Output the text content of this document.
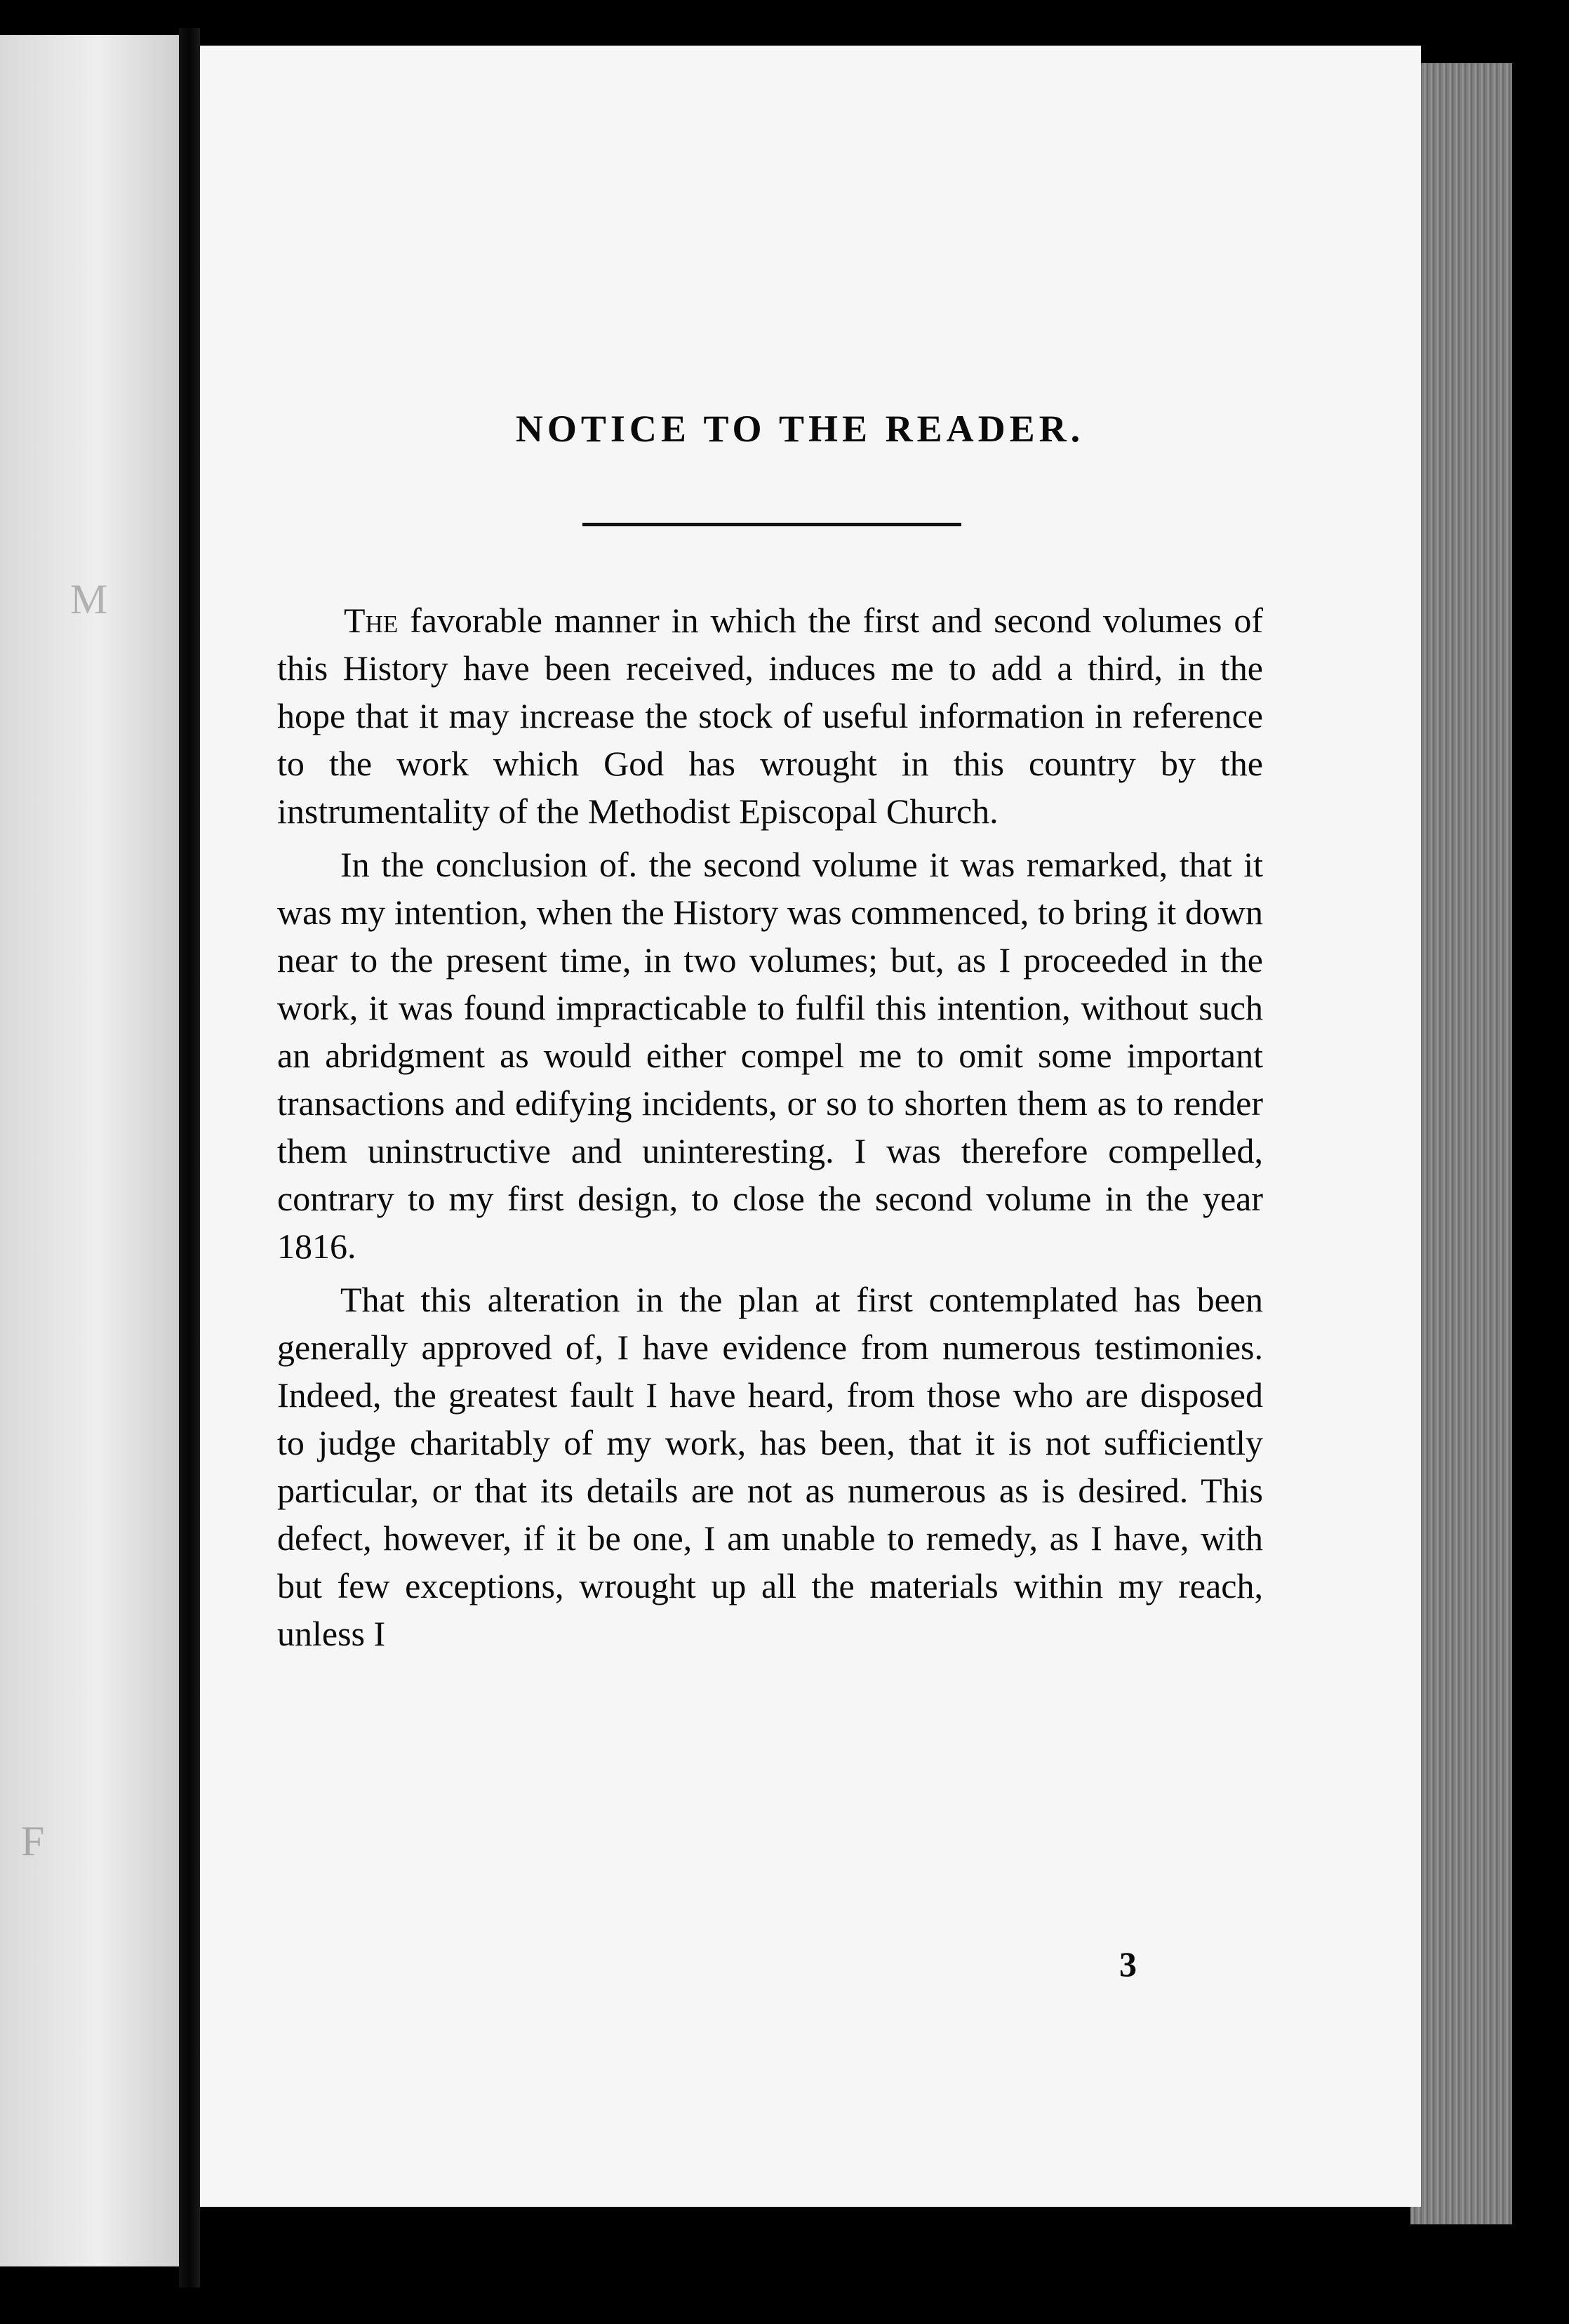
M
F
NOTICE TO THE READER.

The favorable manner in which the first and second volumes of this History have been received, induces me to add a third, in the hope that it may increase the stock of useful information in reference to the work which God has wrought in this country by the instrumentality of the Methodist Episcopal Church.

In the conclusion of. the second volume it was remarked, that it was my intention, when the History was commenced, to bring it down near to the present time, in two volumes; but, as I proceeded in the work, it was found impracticable to fulfil this intention, without such an abridgment as would either compel me to omit some important transactions and edifying incidents, or so to shorten them as to render them uninstructive and uninteresting. I was therefore compelled, contrary to my first design, to close the second volume in the year 1816.

That this alteration in the plan at first contemplated has been generally approved of, I have evidence from numerous testimonies. Indeed, the greatest fault I have heard, from those who are disposed to judge charitably of my work, has been, that it is not sufficiently particular, or that its details are not as numerous as is desired. This defect, however, if it be one, I am unable to remedy, as I have, with but few exceptions, wrought up all the materials within my reach, unless I

3
